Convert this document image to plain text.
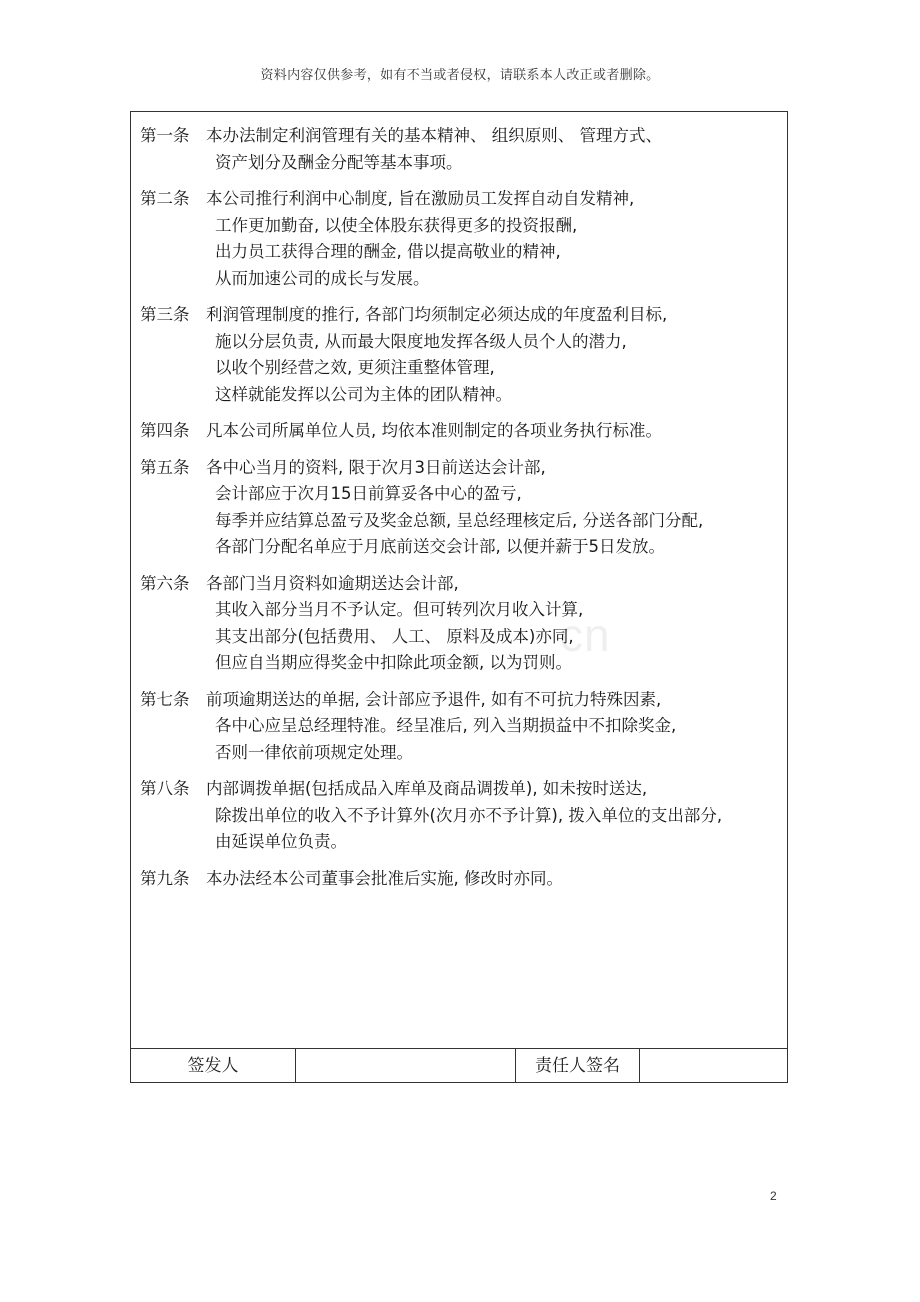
资料内容仅供参考，如有不当或者侵权，请联系本人改正或者删除。
第一条 本办法制定利润管理有关的基本精神、 组织原则、 管理方式、
资产划分及酬金分配等基本事项。
第二条 本公司推行利润中心制度, 旨在激励员工发挥自动自发精神,
工作更加勤奋, 以使全体股东获得更多的投资报酬,
出力员工获得合理的酬金, 借以提高敬业的精神,
从而加速公司的成长与发展。
第三条 利润管理制度的推行, 各部门均须制定必须达成的年度盈利目标,
施以分层负责, 从而最大限度地发挥各级人员个人的潜力,
以收个别经营之效, 更须注重整体管理,
这样就能发挥以公司为主体的团队精神。
第四条 凡本公司所属单位人员, 均依本准则制定的各项业务执行标准。
第五条 各中心当月的资料, 限于次月3日前送达会计部,
会计部应于次月15日前算妥各中心的盈亏,
每季并应结算总盈亏及奖金总额, 呈总经理核定后, 分送各部门分配,
各部门分配名单应于月底前送交会计部, 以便并薪于5日发放。
第六条 各部门当月资料如逾期送达会计部,
其收入部分当月不予认定。但可转列次月收入计算,
其支出部分(包括费用、 人工、 原料及成本)亦同,
但应自当期应得奖金中扣除此项金额, 以为罚则。
第七条 前项逾期送达的单据, 会计部应予退件, 如有不可抗力特殊因素,
各中心应呈总经理特准。经呈准后, 列入当期损益中不扣除奖金,
否则一律依前项规定处理。
第八条 内部调拨单据(包括成品入库单及商品调拨单), 如未按时送达,
除拨出单位的收入不予计算外(次月亦不予计算), 拨入单位的支出部分,
由延误单位负责。
第九条 本办法经本公司董事会批准后实施, 修改时亦同。
签发人	责任人签名
cn
2
